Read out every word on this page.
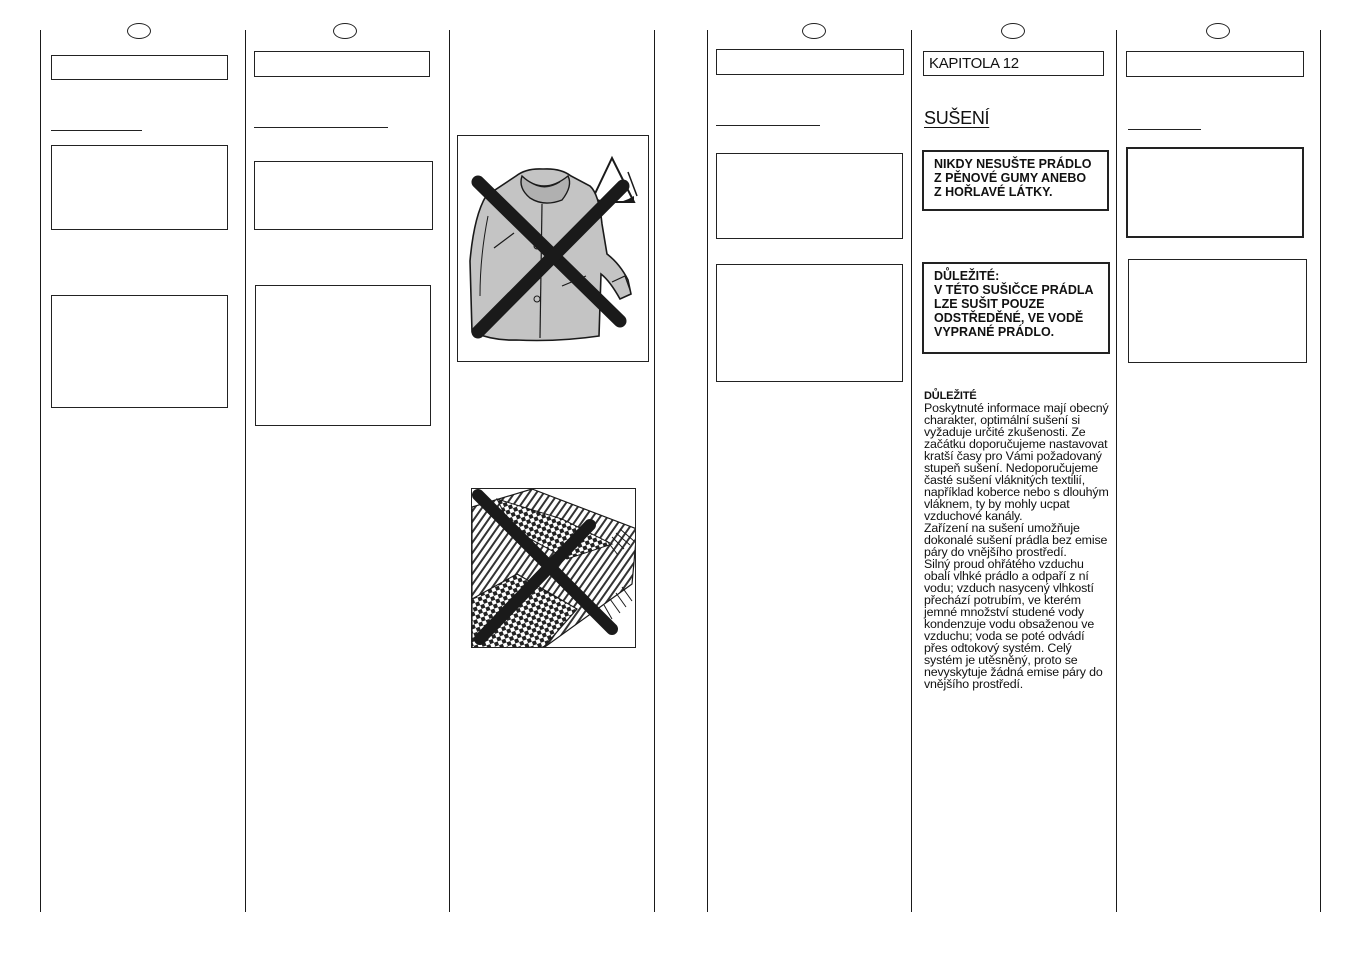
KAPITOLA 12
SUŠENÍ
NIKDY NESUŠTE PRÁDLO Z PĚNOVÉ GUMY ANEBO Z HOŘLAVÉ LÁTKY.
DŮLEŽITÉ:
V TÉTO SUŠIČCE PRÁDLA LZE SUŠIT POUZE ODSTŘEDĚNÉ, VE VODĚ VYPRANÉ PRÁDLO.
DŮLEŽITÉ

Poskytnuté informace mají obecný charakter, optimální sušení si vyžaduje určité zkušenosti. Ze začátku doporučujeme nastavovat kratší časy pro Vámi požadovaný stupeň sušení. Nedoporučujeme časté sušení vláknitých textilií, například koberce nebo s dlouhým vláknem, ty by mohly ucpat vzduchové kanály.

Zařízení na sušení umožňuje dokonalé sušení prádla bez emise páry do vnějšího prostředí.

Silný proud ohřátého vzduchu obalí vlhké prádlo a odpaří z ní vodu; vzduch nasycený vlhkostí přechází potrubím, ve kterém jemné množství studené vody kondenzuje vodu obsaženou ve vzduchu; voda se poté odvádí přes odtokový systém. Celý systém je utěsněný, proto se nevyskytuje žádná emise páry do vnějšího prostředí.
